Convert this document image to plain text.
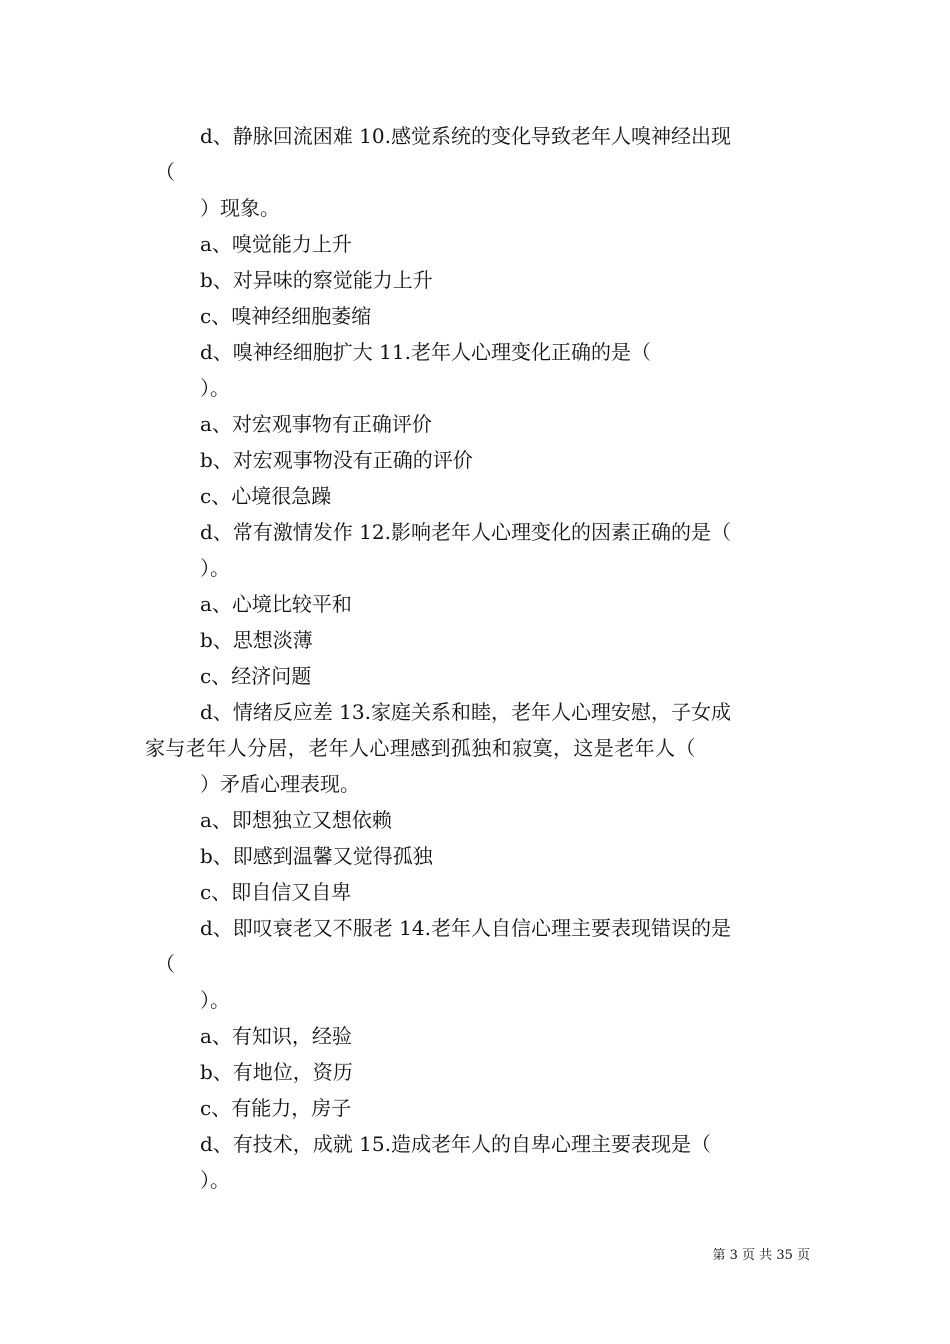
d、静脉回流困难 10.感觉系统的变化导致老年人嗅神经出现
（
）现象。
a、嗅觉能力上升
b、对异味的察觉能力上升
c、嗅神经细胞萎缩
d、嗅神经细胞扩大 11.老年人心理变化正确的是（
）。
a、对宏观事物有正确评价
b、对宏观事物没有正确的评价
c、心境很急躁
d、常有激情发作 12.影响老年人心理变化的因素正确的是（
）。
a、心境比较平和
b、思想淡薄
c、经济问题
d、情绪反应差 13.家庭关系和睦，老年人心理安慰，子女成
家与老年人分居，老年人心理感到孤独和寂寞，这是老年人（
）矛盾心理表现。
a、即想独立又想依赖
b、即感到温馨又觉得孤独
c、即自信又自卑
d、即叹衰老又不服老 14.老年人自信心理主要表现错误的是
（
）。
a、有知识，经验
b、有地位，资历
c、有能力，房子
d、有技术，成就 15.造成老年人的自卑心理主要表现是（
）。
第 3 页 共 35 页
